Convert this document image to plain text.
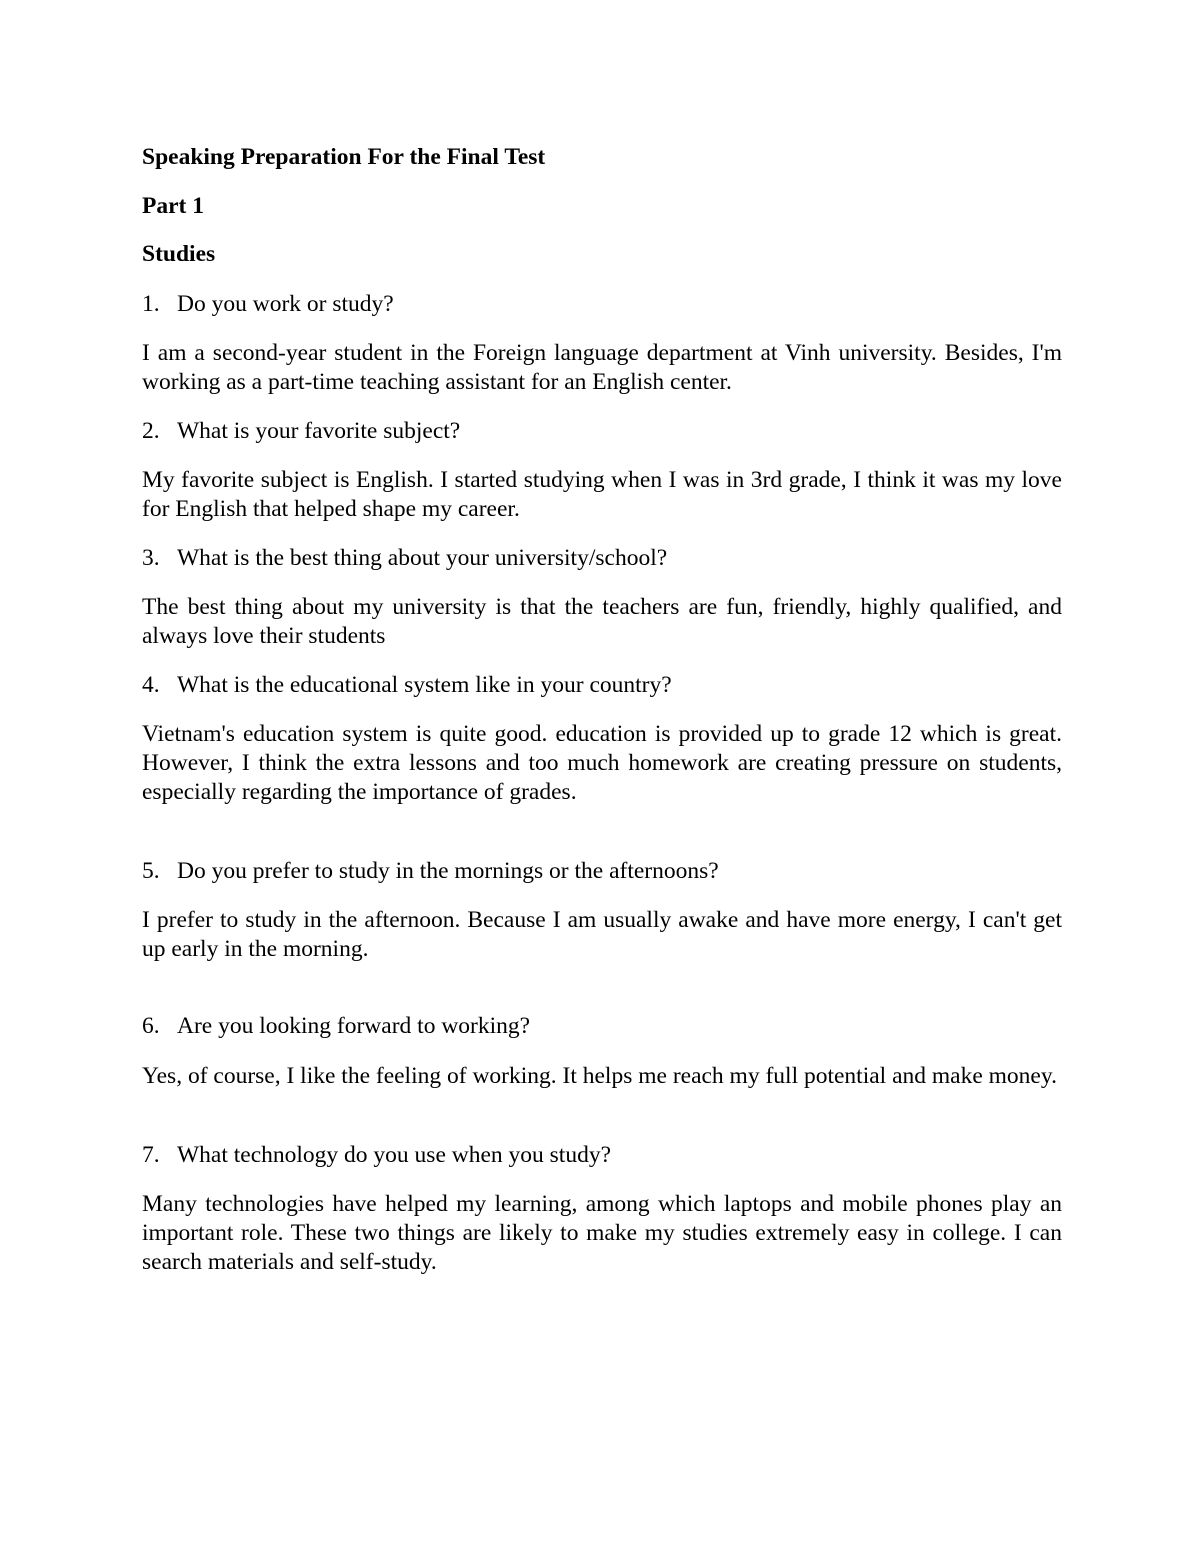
Speaking Preparation For the Final Test

Part 1

Studies

1. Do you work or study?

I am a second-year student in the Foreign language department at Vinh university. Besides, I'm working as a part-time teaching assistant for an English center.

2. What is your favorite subject?

My favorite subject is English. I started studying when I was in 3rd grade, I think it was my love for English that helped shape my career.

3. What is the best thing about your university/school?

The best thing about my university is that the teachers are fun, friendly, highly qualified, and always love their students

4. What is the educational system like in your country?

Vietnam's education system is quite good. education is provided up to grade 12 which is great. However, I think the extra lessons and too much homework are creating pressure on students, especially regarding the importance of grades.

5. Do you prefer to study in the mornings or the afternoons?

I prefer to study in the afternoon. Because I am usually awake and have more energy, I can't get up early in the morning.

6. Are you looking forward to working?

Yes, of course, I like the feeling of working. It helps me reach my full potential and make money.

7. What technology do you use when you study?

Many technologies have helped my learning, among which laptops and mobile phones play an important role. These two things are likely to make my studies extremely easy in college. I can search materials and self-study.
